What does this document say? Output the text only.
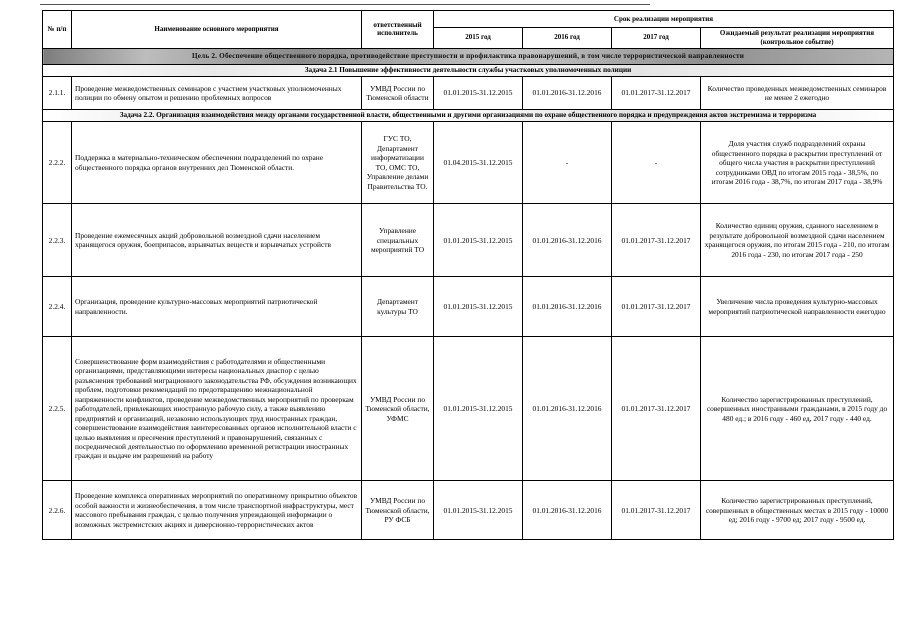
№ п/п	Наименование основного мероприятия	ответственный исполнитель	Срок реализации мероприятия			
			2015 год	2016 год	2017 год	Ожидаемый результат реализации мероприятия (контрольное событие)
Цель 2. Обеспечение общественного порядка, противодействие преступности и профилактика правонарушений, в том числе террористической направленности						
Задача 2.1 Повышение эффективности деятельности службы участковых уполномоченных полиции						
2.1.1.	Проведение межведомственных семинаров с участием участковых уполномоченных полиции по обмену опытом и решению проблемных вопросов	УМВД России по Тюменской области	01.01.2015-31.12.2015	01.01.2016-31.12.2016	01.01.2017-31.12.2017	Количество проведенных межведомственных семинаров не менее 2 ежегодно
Задача 2.2. Организация взаимодействия между органами государственной власти, общественными и другими организациями по охране общественного порядка и предупреждения актов экстремизма и терроризма						
2.2.2.	Поддержка в материально-техническом обеспечении подразделений по охране общественного порядка органов внутренних дел Тюменской области.	ГУС ТО, Департамент информатизации ТО, ОМС ТО, Управление делами Правительства ТО.	01.04.2015-31.12.2015	-	-	Доля участия служб подразделений охраны общественного порядка в раскрытии преступлений от общего числа участия в раскрытии преступлений сотрудниками ОВД по итогам 2015 года - 38,5%, по итогам 2016 года - 38,7%, по итогам 2017 года - 38,9%
2.2.3.	Проведение ежемесячных акций добровольной возмездной сдачи населением хранящегося оружия, боеприпасов, взрывчатых веществ и взрывчатых устройств	Управление специальных мероприятий ТО	01.01.2015-31.12.2015	01.01.2016-31.12.2016	01.01.2017-31.12.2017	Количество единиц оружия, сданного населением в результате добровольной возмездной сдачи населением хранящегося оружия, по итогам 2015 года - 210, по итогам 2016 года - 230, по итогам 2017 года - 250
2.2.4.	Организация, проведение культурно-массовых мероприятий патриотической направленности.	Департамент культуры ТО	01.01.2015-31.12.2015	01.01.2016-31.12.2016	01.01.2017-31.12.2017	Увеличение числа проведения культурно-массовых мероприятий патриотической направленности ежегодно
2.2.5.	Совершенствование форм взаимодействия с работодателями и общественными организациями, представляющими интересы национальных диаспор с целью разъяснения требований миграционного законодательства РФ, обсуждения возникающих проблем, подготовки рекомендаций по предотвращению межнациональной напряженности конфликтов, проведение межведомственных мероприятий по проверкам работодателей, привлекающих иностранную рабочую силу, а также выявлению предприятий и организаций, незаконно использующих труд иностранных граждан, совершенствование взаимодействия заинтересованных органов исполнительной власти с целью выявления и пресечения преступлений и правонарушений, связанных с посреднической деятельностью по оформлению временной регистрации иностранных граждан и выдаче им разрешений на работу	УМВД России по Тюменской области, УФМС	01.01.2015-31.12.2015	01.01.2016-31.12.2016	01.01.2017-31.12.2017	Количество зарегистрированных преступлений, совершенных иностранными гражданами, в 2015 году до 480 ед.; в 2016 году - 460 ед, 2017 году - 440 ед.
2.2.6.	Проведение комплекса оперативных мероприятий по оперативному прикрытию объектов особой важности и жизнеобеспечения, в том числе транспортной инфраструктуры, мест массового пребывания граждан, с целью получения упреждающей информации о возможных экстремистских акциях и диверсионно-террористических актов	УМВД России по Тюменской области, РУ ФСБ	01.01.2015-31.12.2015	01.01.2016-31.12.2016	01.01.2017-31.12.2017	Количество зарегистрированных преступлений, совершенных в общественных местах в 2015 году - 10000 ед; 2016 году - 9700 ед; 2017 году - 9500 ед.
